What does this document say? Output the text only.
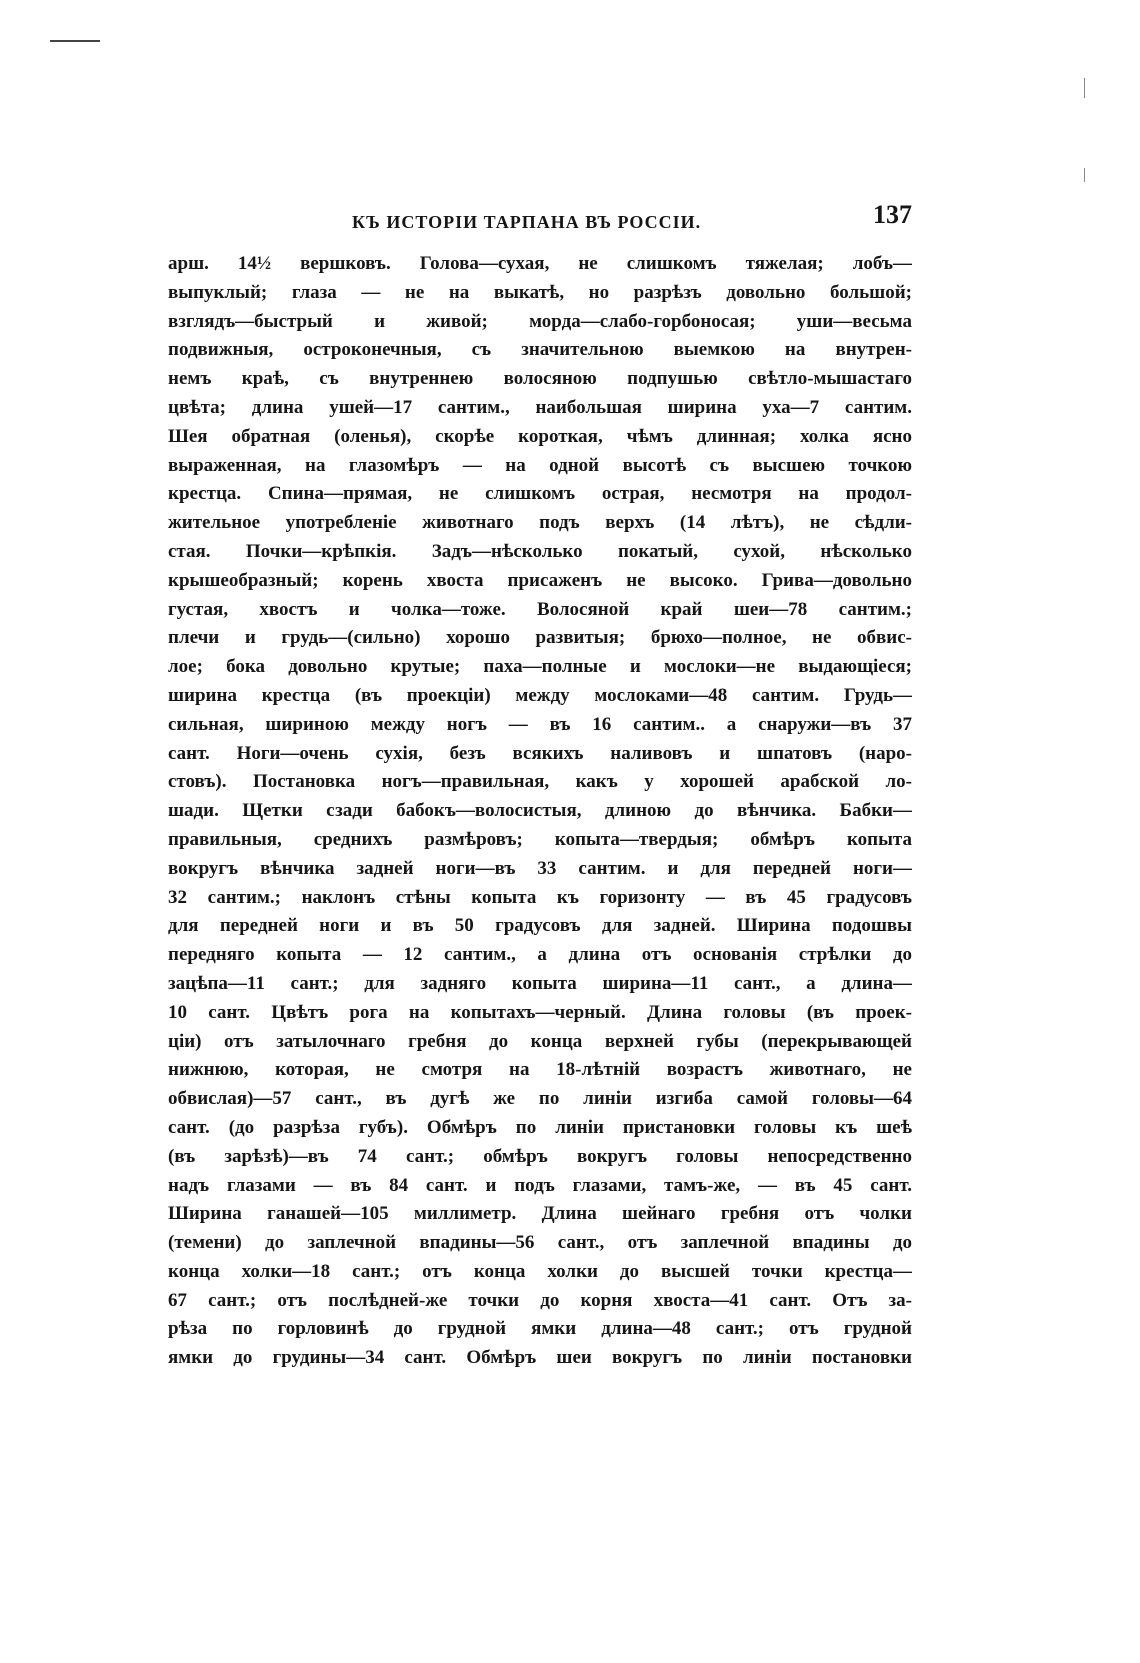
КЪ ИСТОРІИ ТАРПАНА ВЪ РОССІИ.	137
арш. 14½ вершковъ. Голова—сухая, не слишкомъ тяжелая; лобъ—
выпуклый; глаза — не на выкатѣ, но разрѣзъ довольно большой;
взглядъ—быстрый и живой; морда—слабо-горбоносая; уши—весьма
подвижныя, остроконечныя, съ значительною выемкою на внутрен-
немъ краѣ, съ внутреннею волосяною подпушью свѣтло-мышастаго
цвѣта; длина ушей—17 сантим., наибольшая ширина уха—7 сантим.
Шея обратная (оленья), скорѣе короткая, чѣмъ длинная; холка ясно
выраженная, на глазомѣръ — на одной высотѣ съ высшею точкою
крестца. Спина—прямая, не слишкомъ острая, несмотря на продол-
жительное употребленіе животнаго подъ верхъ (14 лѣтъ), не сѣдли-
стая. Почки—крѣпкія. Задъ—нѣсколько покатый, сухой, нѣсколько
крышеобразный; корень хвоста присаженъ не высоко. Грива—довольно
густая, хвостъ и чолка—тоже. Волосяной край шеи—78 сантим.;
плечи и грудь—(сильно) хорошо развитыя; брюхо—полное, не обвис-
лое; бока довольно крутые; паха—полные и мослоки—не выдающіеся;
ширина крестца (въ проекціи) между мослоками—48 сантим. Грудь—
сильная, шириною между ногъ — въ 16 сантим.. а снаружи—въ 37
сант. Ноги—очень сухія, безъ всякихъ наливовъ и шпатовъ (наро-
стовъ). Постановка ногъ—правильная, какъ у хорошей арабской ло-
шади. Щетки сзади бабокъ—волосистыя, длиною до вѣнчика. Бабки—
правильныя, среднихъ размѣровъ; копыта—твердыя; обмѣръ копыта
вокругъ вѣнчика задней ноги—въ 33 сантим. и для передней ноги—
32 сантим.; наклонъ стѣны копыта къ горизонту — въ 45 градусовъ
для передней ноги и въ 50 градусовъ для задней. Ширина подошвы
передняго копыта — 12 сантим., а длина отъ основанія стрѣлки до
зацѣпа—11 сант.; для задняго копыта ширина—11 сант., а длина—
10 сант. Цвѣтъ рога на копытахъ—черный. Длина головы (въ проек-
ціи) отъ затылочнаго гребня до конца верхней губы (перекрывающей
нижнюю, которая, не смотря на 18-лѣтній возрастъ животнаго, не
обвислая)—57 сант., въ дугѣ же по линіи изгиба самой головы—64
сант. (до разрѣза губъ). Обмѣръ по линіи пристановки головы къ шеѣ
(въ зарѣзѣ)—въ 74 сант.; обмѣръ вокругъ головы непосредственно
надъ глазами — въ 84 сант. и подъ глазами, тамъ-же, — въ 45 сант.
Ширина ганашей—105 миллиметр. Длина шейнаго гребня отъ чолки
(темени) до заплечной впадины—56 сант., отъ заплечной впадины до
конца холки—18 сант.; отъ конца холки до высшей точки крестца—
67 сант.; отъ послѣдней-же точки до корня хвоста—41 сант. Отъ за-
рѣза по горловинѣ до грудной ямки длина—48 сант.; отъ грудной
ямки до грудины—34 сант. Обмѣръ шеи вокругъ по линіи постановки
